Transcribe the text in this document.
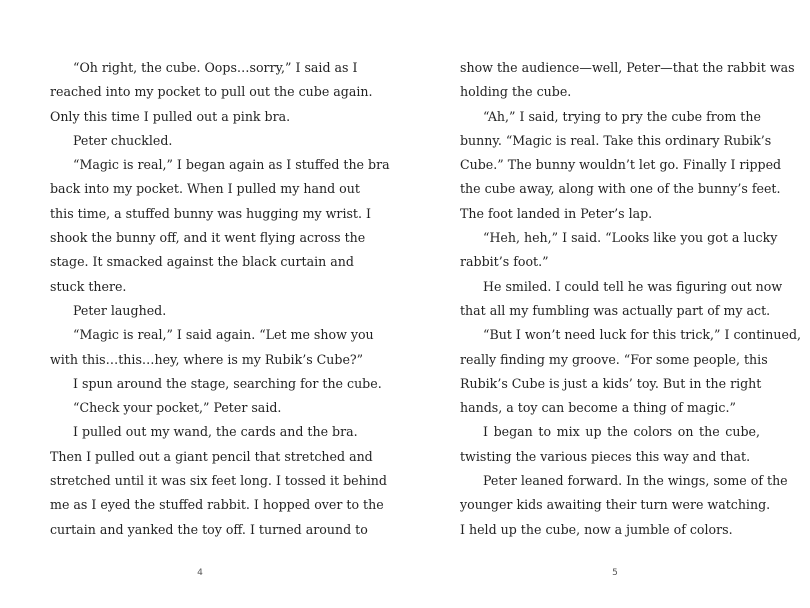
“Oh right, the cube. Oops…sorry,” I said as I
reached into my pocket to pull out the cube again.
Only this time I pulled out a pink bra.
Peter chuckled.
“Magic is real,” I began again as I stuffed the bra
back into my pocket. When I pulled my hand out
this time, a stuffed bunny was hugging my wrist. I
shook the bunny off, and it went flying across the
stage. It smacked against the black curtain and
stuck there.
Peter laughed.
“Magic is real,” I said again. “Let me show you
with this…this…hey, where is my Rubik’s Cube?”
I spun around the stage, searching for the cube.
“Check your pocket,” Peter said.
I pulled out my wand, the cards and the bra.
Then I pulled out a giant pencil that stretched and
stretched until it was six feet long. I tossed it behind
me as I eyed the stuffed rabbit. I hopped over to the
curtain and yanked the toy off. I turned around to
4
show the audience—well, Peter—that the rabbit was
holding the cube.
“Ah,” I said, trying to pry the cube from the
bunny. “Magic is real. Take this ordinary Rubik’s
Cube.” The bunny wouldn’t let go. Finally I ripped
the cube away, along with one of the bunny’s feet.
The foot landed in Peter’s lap.
“Heh, heh,” I said. “Looks like you got a lucky
rabbit’s foot.”
He smiled. I could tell he was figuring out now
that all my fumbling was actually part of my act.
“But I won’t need luck for this trick,” I continued,
really finding my groove. “For some people, this
Rubik’s Cube is just a kids’ toy. But in the right
hands, a toy can become a thing of magic.”
I began to mix up the colors on the cube,
twisting the various pieces this way and that.
Peter leaned forward. In the wings, some of the
younger kids awaiting their turn were watching.
I held up the cube, now a jumble of colors.
5
